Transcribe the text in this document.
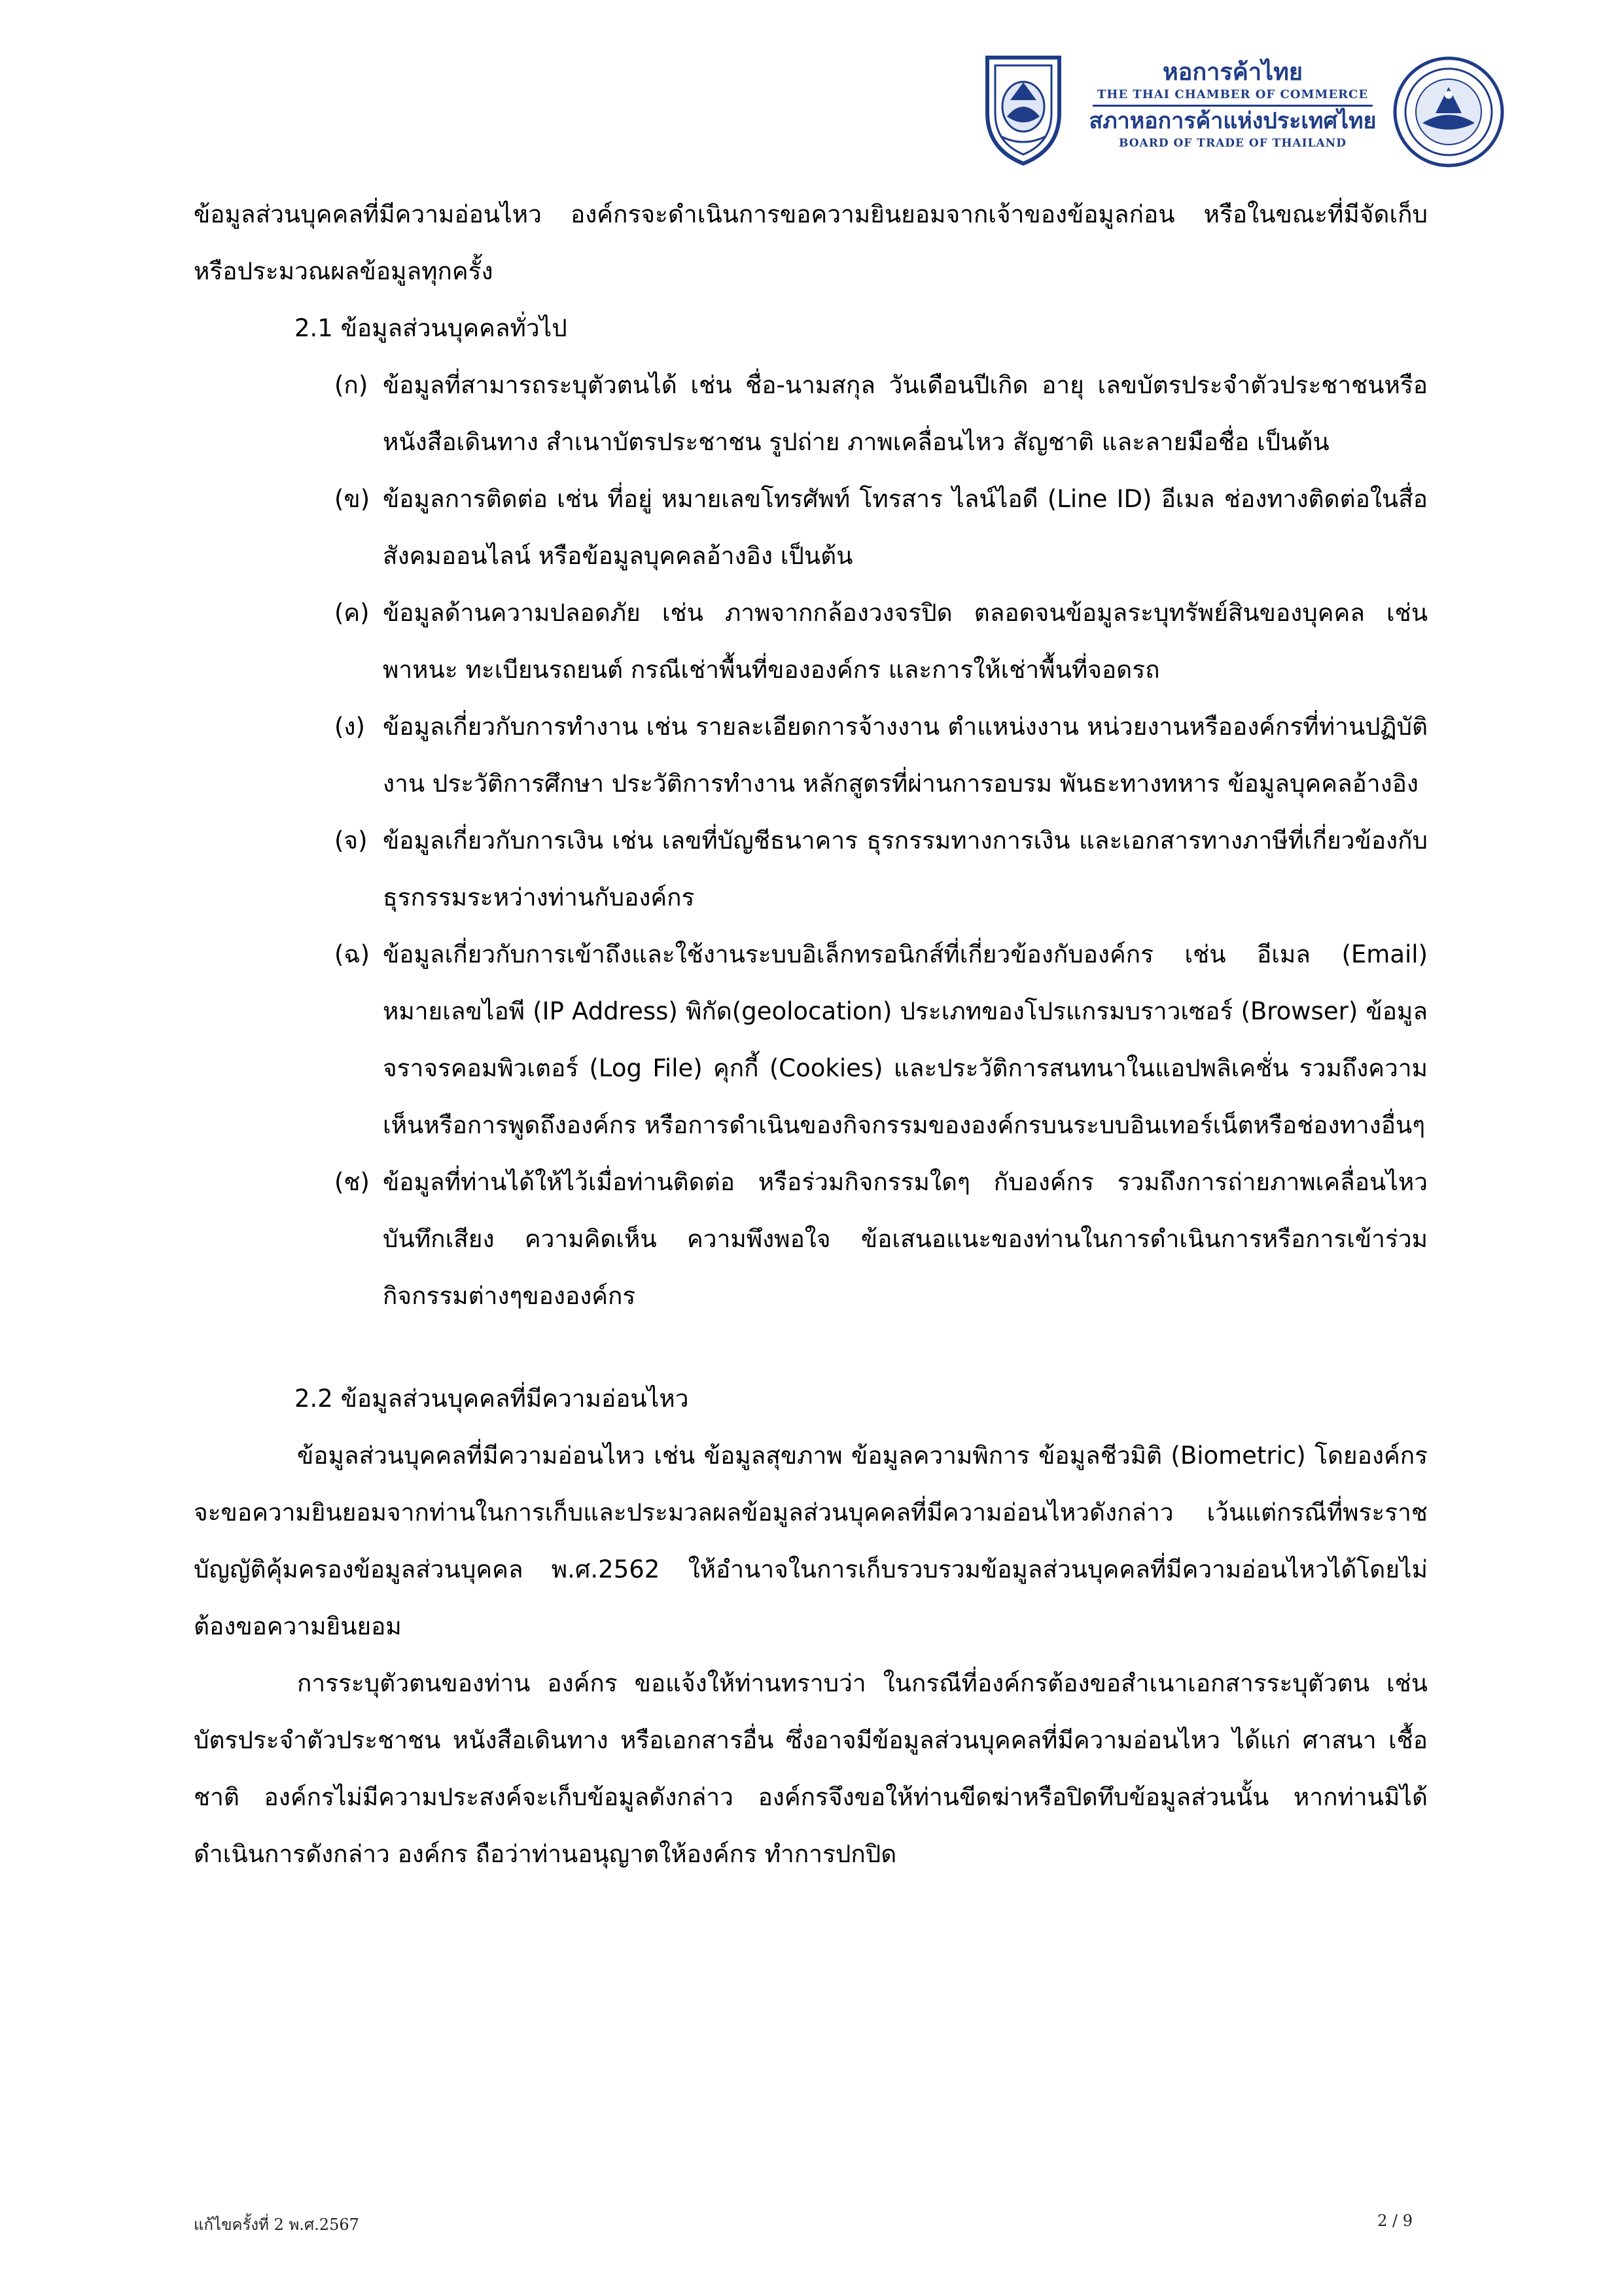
หอการค้าไทย
THE THAI CHAMBER OF COMMERCE
สภาหอการค้าแห่งประเทศไทย
BOARD OF TRADE OF THAILAND

ข้อมูลส่วนบุคคลที่มีความอ่อนไหว องค์กรจะดำเนินการขอความยินยอมจากเจ้าของข้อมูลก่อน หรือในขณะที่มีจัดเก็บหรือประมวณผลข้อมูลทุกครั้ง

2.1 ข้อมูลส่วนบุคคลทั่วไป

(ก) ข้อมูลที่สามารถระบุตัวตนได้ เช่น ชื่อ-นามสกุล วันเดือนปีเกิด อายุ เลขบัตรประจำตัวประชาชนหรือหนังสือเดินทาง สำเนาบัตรประชาชน รูปถ่าย ภาพเคลื่อนไหว สัญชาติ และลายมือชื่อ เป็นต้น
(ข) ข้อมูลการติดต่อ เช่น ที่อยู่ หมายเลขโทรศัพท์ โทรสาร ไลน์ไอดี (Line ID) อีเมล ช่องทางติดต่อในสื่อสังคมออนไลน์ หรือข้อมูลบุคคลอ้างอิง เป็นต้น
(ค) ข้อมูลด้านความปลอดภัย เช่น ภาพจากกล้องวงจรปิด ตลอดจนข้อมูลระบุทรัพย์สินของบุคคล เช่น พาหนะ ทะเบียนรถยนต์ กรณีเช่าพื้นที่ขององค์กร และการให้เช่าพื้นที่จอดรถ
(ง) ข้อมูลเกี่ยวกับการทำงาน เช่น รายละเอียดการจ้างงาน ตำแหน่งงาน หน่วยงานหรือองค์กรที่ท่านปฏิบัติงาน ประวัติการศึกษา ประวัติการทำงาน หลักสูตรที่ผ่านการอบรม พันธะทางทหาร ข้อมูลบุคคลอ้างอิง
(จ) ข้อมูลเกี่ยวกับการเงิน เช่น เลขที่บัญชีธนาคาร ธุรกรรมทางการเงิน และเอกสารทางภาษีที่เกี่ยวข้องกับธุรกรรมระหว่างท่านกับองค์กร
(ฉ) ข้อมูลเกี่ยวกับการเข้าถึงและใช้งานระบบอิเล็กทรอนิกส์ที่เกี่ยวข้องกับองค์กร เช่น อีเมล (Email) หมายเลขไอพี (IP Address) พิกัด(geolocation) ประเภทของโปรแกรมบราวเซอร์ (Browser) ข้อมูลจราจรคอมพิวเตอร์ (Log File) คุกกี้ (Cookies) และประวัติการสนทนาในแอปพลิเคชั่น รวมถึงความเห็นหรือการพูดถึงองค์กร หรือการดำเนินของกิจกรรมขององค์กรบนระบบอินเทอร์เน็ตหรือช่องทางอื่นๆ
(ช) ข้อมูลที่ท่านได้ให้ไว้เมื่อท่านติดต่อ หรือร่วมกิจกรรมใดๆ กับองค์กร รวมถึงการถ่ายภาพเคลื่อนไหว บันทึกเสียง ความคิดเห็น ความพึงพอใจ ข้อเสนอแนะของท่านในการดำเนินการหรือการเข้าร่วมกิจกรรมต่างๆขององค์กร

2.2 ข้อมูลส่วนบุคคลที่มีความอ่อนไหว

ข้อมูลส่วนบุคคลที่มีความอ่อนไหว เช่น ข้อมูลสุขภาพ ข้อมูลความพิการ ข้อมูลชีวมิติ (Biometric) โดยองค์กรจะขอความยินยอมจากท่านในการเก็บและประมวลผลข้อมูลส่วนบุคคลที่มีความอ่อนไหวดังกล่าว เว้นแต่กรณีที่พระราชบัญญัติคุ้มครองข้อมูลส่วนบุคคล พ.ศ.2562 ให้อำนาจในการเก็บรวบรวมข้อมูลส่วนบุคคลที่มีความอ่อนไหวได้โดยไม่ต้องขอความยินยอม

การระบุตัวตนของท่าน องค์กร ขอแจ้งให้ท่านทราบว่า ในกรณีที่องค์กรต้องขอสำเนาเอกสารระบุตัวตน เช่นบัตรประจำตัวประชาชน หนังสือเดินทาง หรือเอกสารอื่น ซึ่งอาจมีข้อมูลส่วนบุคคลที่มีความอ่อนไหว ได้แก่ ศาสนา เชื้อชาติ องค์กรไม่มีความประสงค์จะเก็บข้อมูลดังกล่าว องค์กรจึงขอให้ท่านขีดฆ่าหรือปิดทึบข้อมูลส่วนนั้น หากท่านมิได้ดำเนินการดังกล่าว องค์กร ถือว่าท่านอนุญาตให้องค์กร ทำการปกปิด

แก้ไขครั้งที่ 2 พ.ศ.2567	2 / 9
